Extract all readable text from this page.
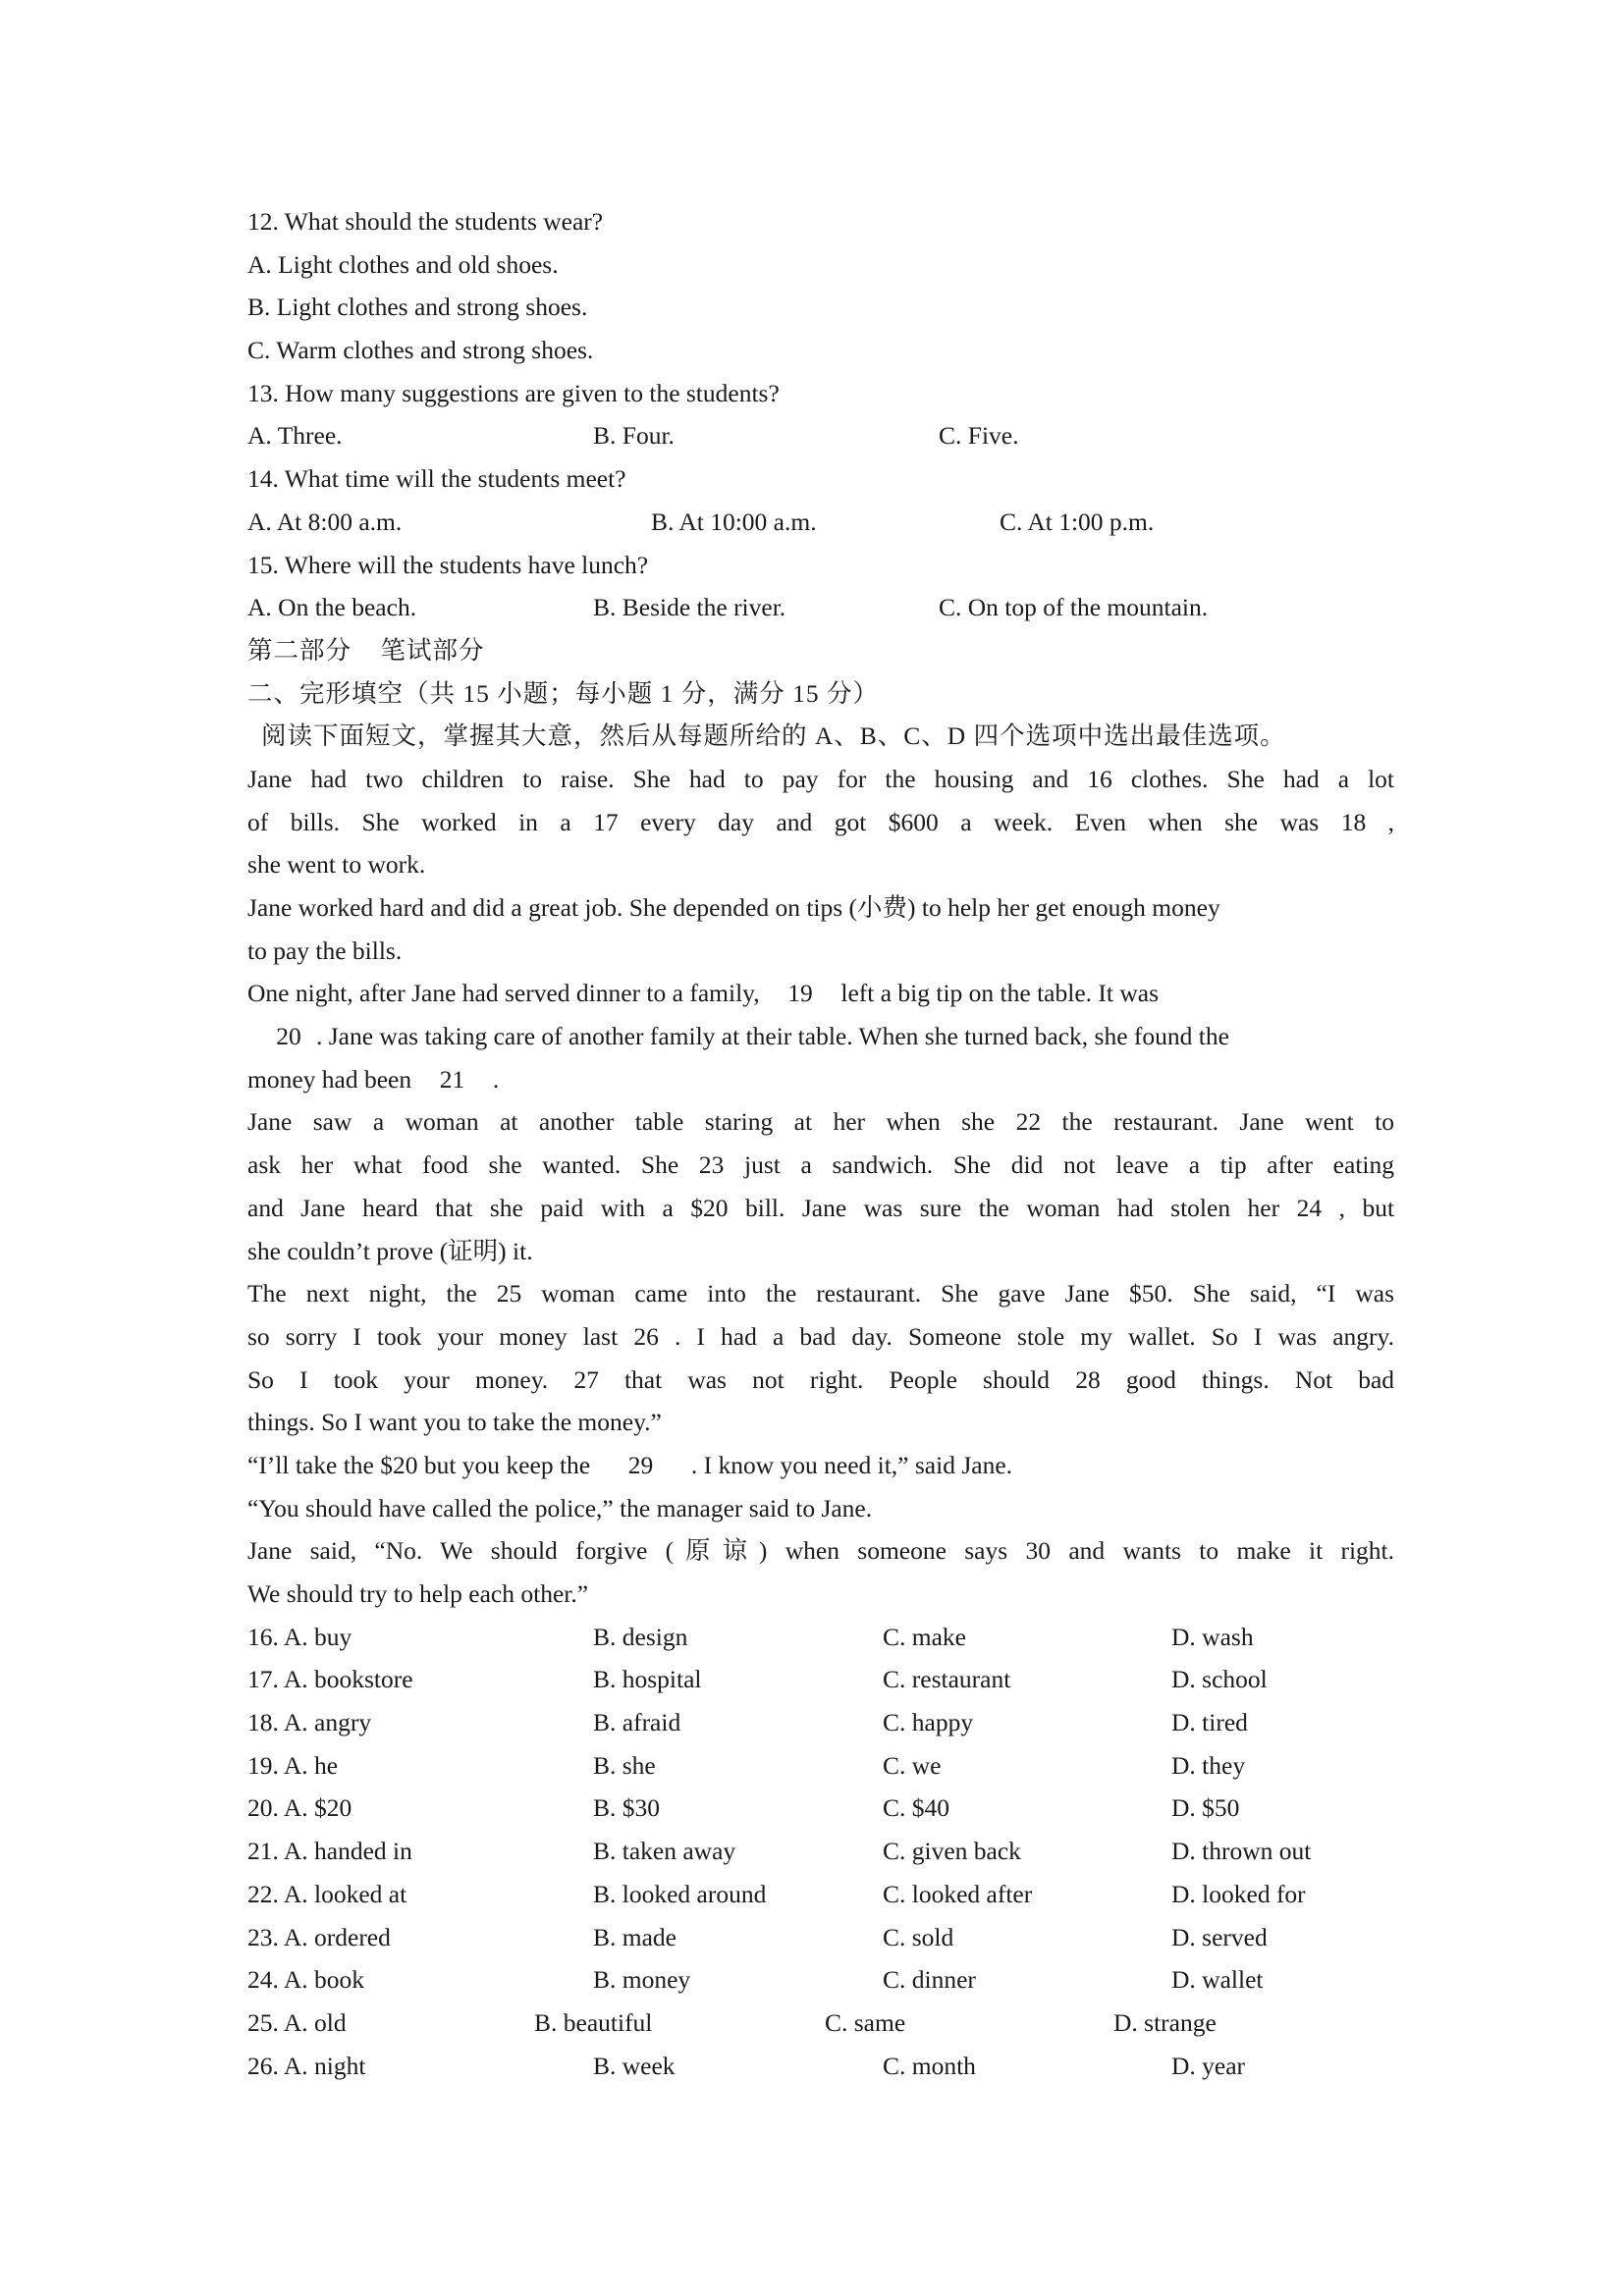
12. What should the students wear?
A. Light clothes and old shoes.
B. Light clothes and strong shoes.
C. Warm clothes and strong shoes.
13. How many suggestions are given to the students?
A. Three.	B. Four.	C. Five.
14. What time will the students meet?
A. At 8:00 a.m.	B. At 10:00 a.m.	C. At 1:00 p.m.
15. Where will the students have lunch?
A. On the beach.	B. Beside the river.	C. On top of the mountain.
第二部分    笔试部分
二、完形填空（共 15 小题；每小题 1 分，满分 15 分）
阅读下面短文，掌握其大意，然后从每题所给的 A、B、C、D 四个选项中选出最佳选项。
Jane had two children to raise. She had to pay for the housing and 16 clothes. She had a lot
of bills. She worked in a 17 every day and got $600 a week. Even when she was 18 ,
she went to work.
Jane worked hard and did a great job. She depended on tips (小费) to help her get enough money
to pay the bills.
One night, after Jane had served dinner to a family, 19 left a big tip on the table. It was
20 . Jane was taking care of another family at their table. When she turned back, she found the
money had been 21 .
Jane saw a woman at another table staring at her when she 22 the restaurant. Jane went to
ask her what food she wanted. She 23 just a sandwich. She did not leave a tip after eating
and Jane heard that she paid with a $20 bill. Jane was sure the woman had stolen her 24 , but
she couldn’t prove (证明) it.
The next night, the 25 woman came into the restaurant. She gave Jane $50. She said, “I was
so sorry I took your money last 26 . I had a bad day. Someone stole my wallet. So I was angry.
So I took your money. 27 that was not right. People should 28 good things. Not bad
things. So I want you to take the money.”
“I’ll take the $20 but you keep the 29 . I know you need it,” said Jane.
“You should have called the police,” the manager said to Jane.
Jane said, “No. We should forgive (原谅) when someone says 30 and wants to make it right.
We should try to help each other.”
16. A. buy	B. design	C. make	D. wash
17. A. bookstore	B. hospital	C. restaurant	D. school
18. A. angry	B. afraid	C. happy	D. tired
19. A. he	B. she	C. we	D. they
20. A. $20	B. $30	C. $40	D. $50
21. A. handed in	B. taken away	C. given back	D. thrown out
22. A. looked at	B. looked around	C. looked after	D. looked for
23. A. ordered	B. made	C. sold	D. served
24. A. book	B. money	C. dinner	D. wallet
25. A. old	B. beautiful	C. same	D. strange
26. A. night	B. week	C. month	D. year
